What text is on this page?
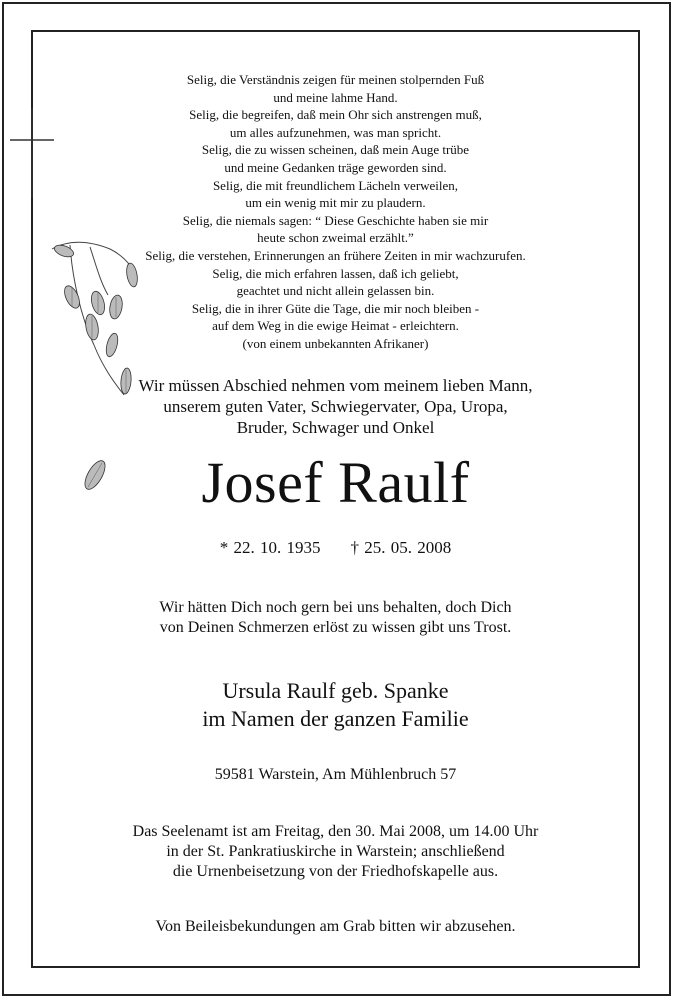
Selig, die Verständnis zeigen für meinen stolpernden Fuß
und meine lahme Hand.
Selig, die begreifen, daß mein Ohr sich anstrengen muß,
um alles aufzunehmen, was man spricht.
Selig, die zu wissen scheinen, daß mein Auge trübe
und meine Gedanken träge geworden sind.
Selig, die mit freundlichem Lächeln verweilen,
um ein wenig mit mir zu plaudern.
Selig, die niemals sagen: “ Diese Geschichte haben sie mir
heute schon zweimal erzählt.”
Selig, die verstehen, Erinnerungen an frühere Zeiten in mir wachzurufen.
Selig, die mich erfahren lassen, daß ich geliebt,
geachtet und nicht allein gelassen bin.
Selig, die in ihrer Güte die Tage, die mir noch bleiben -
auf dem Weg in die ewige Heimat - erleichtern.
(von einem unbekannten Afrikaner)
Wir müssen Abschied nehmen vom meinem lieben Mann,
unserem guten Vater, Schwiegervater, Opa, Uropa,
Bruder, Schwager und Onkel
Josef Raulf
* 22. 10. 1935 † 25. 05. 2008
Wir hätten Dich noch gern bei uns behalten, doch Dich
von Deinen Schmerzen erlöst zu wissen gibt uns Trost.
Ursula Raulf geb. Spanke
im Namen der ganzen Familie
59581 Warstein, Am Mühlenbruch 57
Das Seelenamt ist am Freitag, den 30. Mai 2008, um 14.00 Uhr
in der St. Pankratiuskirche in Warstein; anschließend
die Urnenbeisetzung von der Friedhofskapelle aus.
Von Beileisbekundungen am Grab bitten wir abzusehen.
